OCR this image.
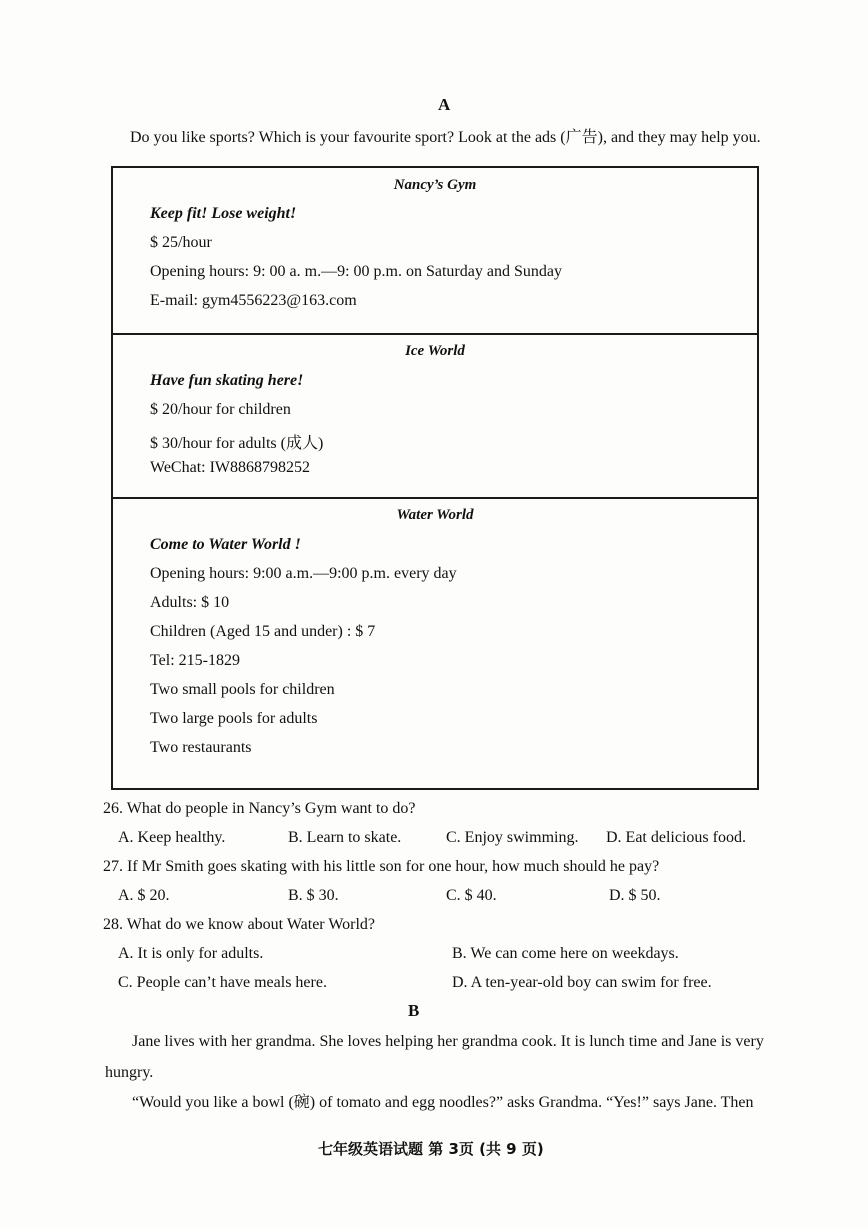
A
Do you like sports? Which is your favourite sport? Look at the ads (广告), and they may help you.
Nancy’s Gym
Keep fit! Lose weight!
$ 25/hour
Opening hours: 9: 00 a. m.—9: 00 p.m. on Saturday and Sunday
E-mail: gym4556223@163.com
Ice World
Have fun skating here!
$ 20/hour for children
$ 30/hour for adults (成人)
WeChat: IW8868798252
Water World
Come to Water World !
Opening hours: 9:00 a.m.—9:00 p.m. every day
Adults: $ 10
Children (Aged 15 and under) : $ 7
Tel: 215-1829
Two small pools for children
Two large pools for adults
Two restaurants
26. What do people in Nancy’s Gym want to do?
A. Keep healthy.	B. Learn to skate.	C. Enjoy swimming. D. Eat delicious food.
27. If Mr Smith goes skating with his little son for one hour, how much should he pay?
A. $ 20.	B. $ 30.	C. $ 40.	D. $ 50.
28. What do we know about Water World?
A. It is only for adults.	B. We can come here on weekdays.
C. People can’t have meals here.	D. A ten-year-old boy can swim for free.
B
Jane lives with her grandma. She loves helping her grandma cook. It is lunch time and Jane is very hungry.
“Would you like a bowl (碗) of tomato and egg noodles?” asks Grandma. “Yes!” says Jane. Then
七年级英语试题 第 3页 (共 9 页)
